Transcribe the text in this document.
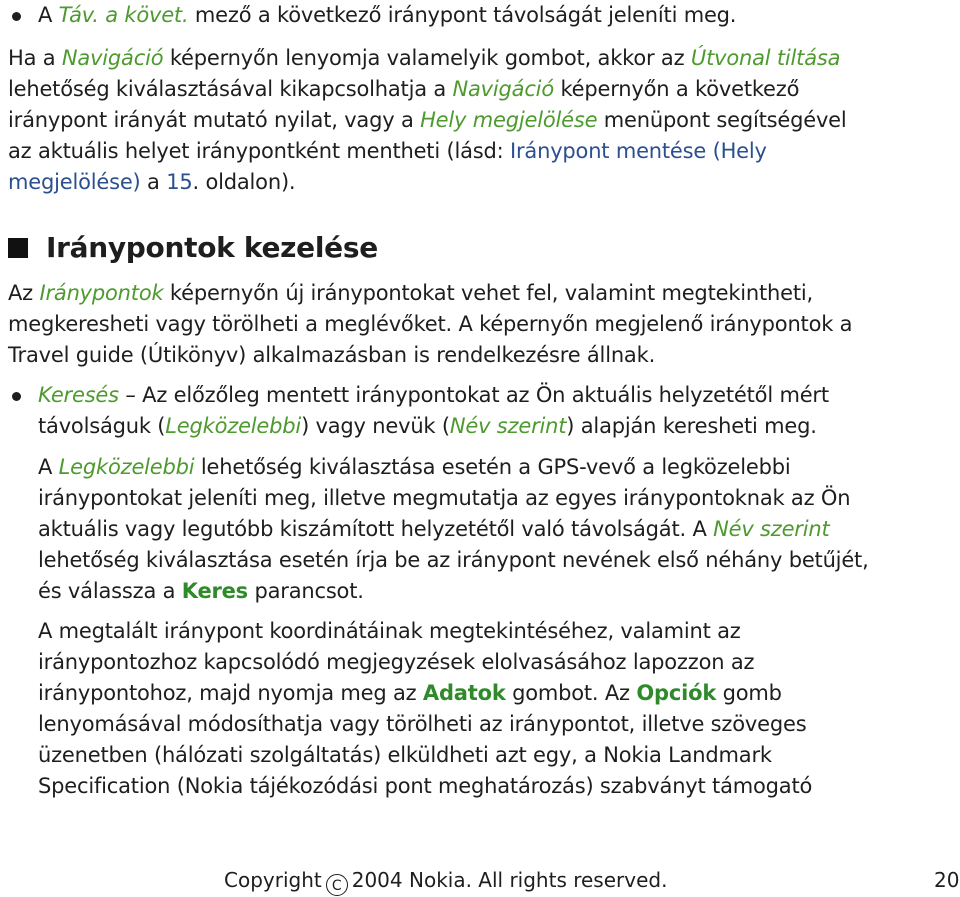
A Táv. a követ. mező a következő iránypont távolságát jeleníti meg.
Ha a Navigáció képernyőn lenyomja valamelyik gombot, akkor az Útvonal tiltása
lehetőség kiválasztásával kikapcsolhatja a Navigáció képernyőn a következő
iránypont irányát mutató nyilat, vagy a Hely megjelölése menüpont segítségével
az aktuális helyet iránypontként mentheti (lásd: Iránypont mentése (Hely
megjelölése) a 15. oldalon).
Iránypontok kezelése
Az Iránypontok képernyőn új iránypontokat vehet fel, valamint megtekintheti,
megkeresheti vagy törölheti a meglévőket. A képernyőn megjelenő iránypontok a
Travel guide (Útikönyv) alkalmazásban is rendelkezésre állnak.
Keresés – Az előzőleg mentett iránypontokat az Ön aktuális helyzetétől mért
távolságuk (Legközelebbi) vagy nevük (Név szerint) alapján keresheti meg.
A Legközelebbi lehetőség kiválasztása esetén a GPS-vevő a legközelebbi
iránypontokat jeleníti meg, illetve megmutatja az egyes iránypontoknak az Ön
aktuális vagy legutóbb kiszámított helyzetétől való távolságát. A Név szerint
lehetőség kiválasztása esetén írja be az iránypont nevének első néhány betűjét,
és válassza a Keres parancsot.
A megtalált iránypont koordinátáinak megtekintéséhez, valamint az
iránypontozhoz kapcsolódó megjegyzések elolvasásához lapozzon az
iránypontohoz, majd nyomja meg az Adatok gombot. Az Opciók gomb
lenyomásával módosíthatja vagy törölheti az iránypontot, illetve szöveges
üzenetben (hálózati szolgáltatás) elküldheti azt egy, a Nokia Landmark
Specification (Nokia tájékozódási pont meghatározás) szabványt támogató
Copyright C 2004 Nokia. All rights reserved.	20
